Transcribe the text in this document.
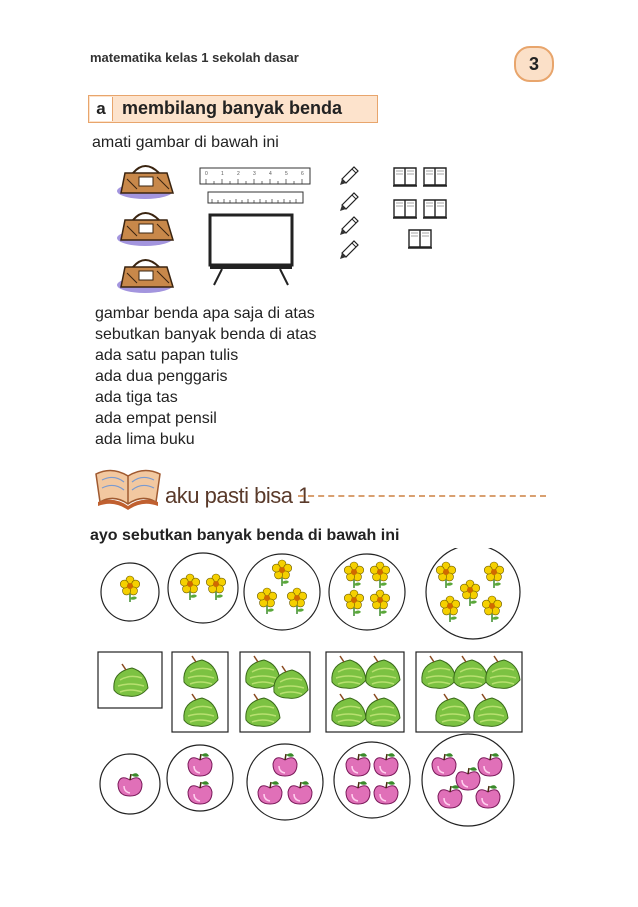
matematika kelas 1 sekolah dasar	3
a membilang banyak benda
amati gambar di bawah ini
0	1	2	3	4	5	6
gambar benda apa saja di atas
sebutkan banyak benda di atas
ada satu papan tulis
ada dua penggaris
ada tiga tas
ada empat pensil
ada lima buku
aku pasti bisa 1
ayo sebutkan banyak benda di bawah ini
